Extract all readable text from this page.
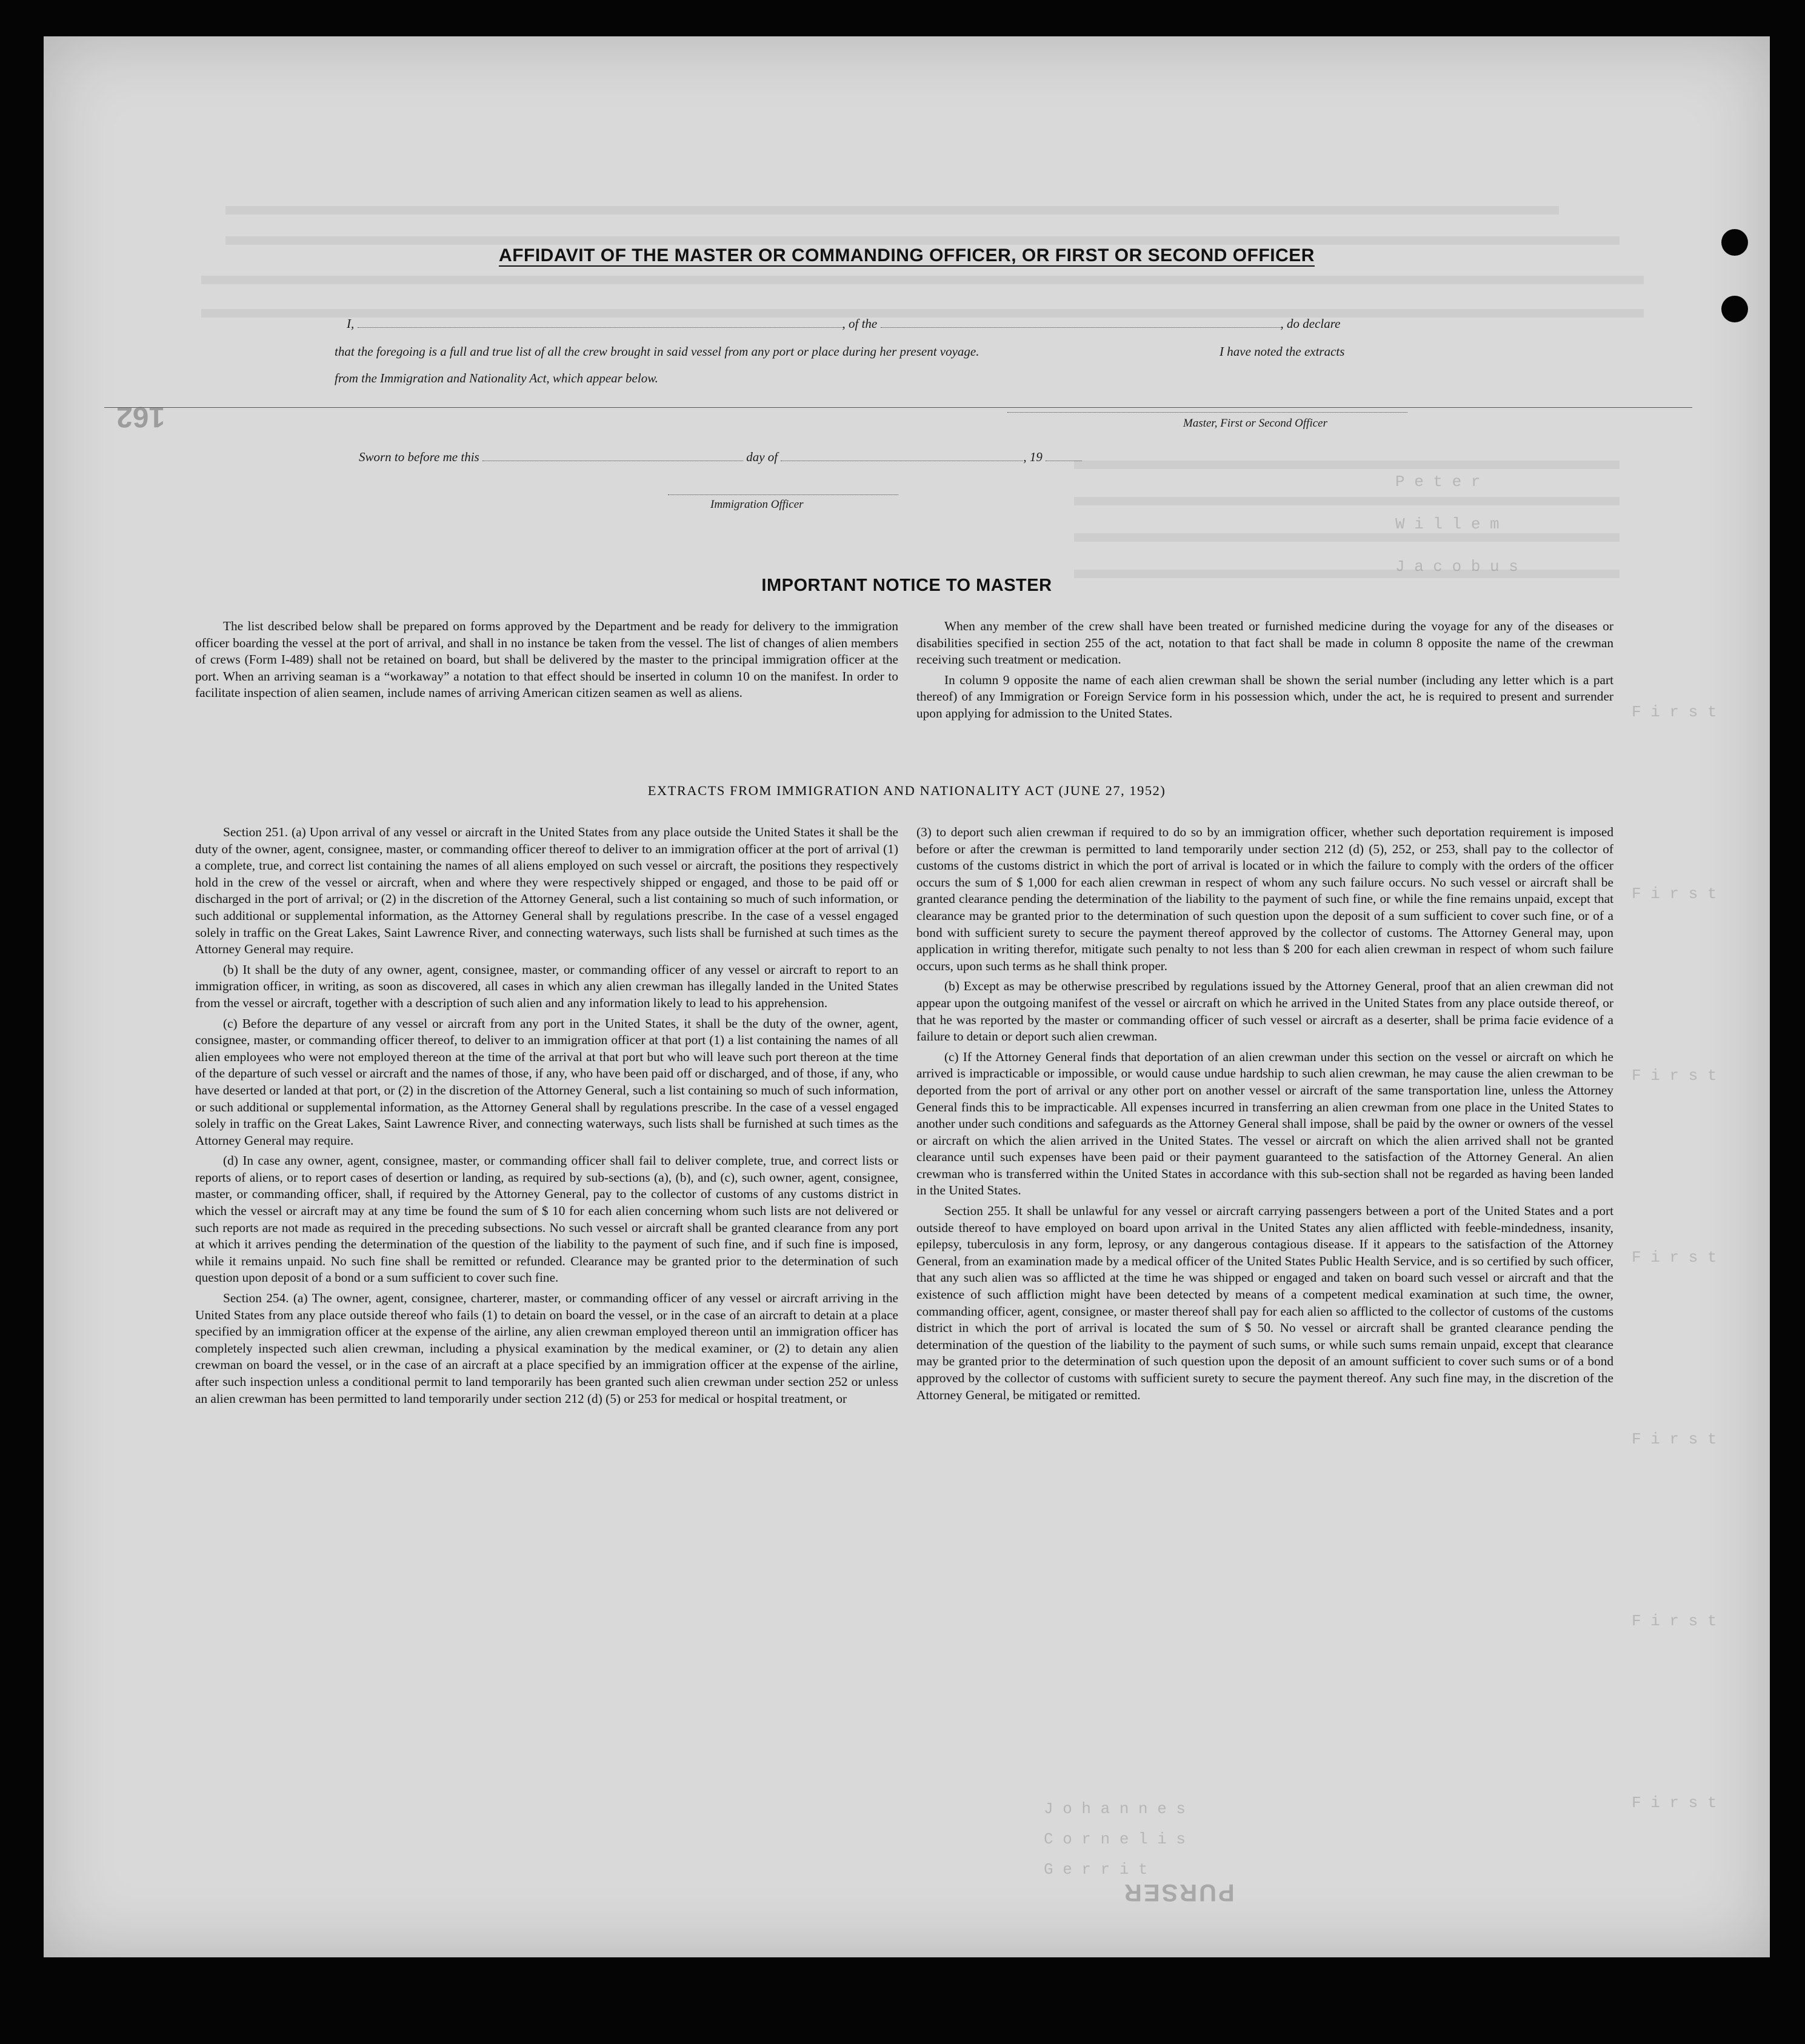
P e t e r
W i l l e m
J a c o b u s
F i r s t
F i r s t
F i r s t
F i r s t
F i r s t
F i r s t
F i r s t
J o h a n n e s
C o r n e l i s
G e r r i t
162
PURSER
AFFIDAVIT OF THE MASTER OR COMMANDING OFFICER, OR FIRST OR SECOND OFFICER
I,	, of the	, do declare
that the foregoing is a full and true list of all the crew brought in said vessel from any port or place during her present voyage.	I have noted the extracts
from the Immigration and Nationality Act, which appear below.
Master, First or Second Officer
Sworn to before me this	day of	, 19
Immigration Officer
IMPORTANT NOTICE TO MASTER

The list described below shall be prepared on forms approved by the Department and be ready for delivery to the immigration officer boarding the vessel at the port of arrival, and shall in no instance be taken from the vessel. The list of changes of alien members of crews (Form I-489) shall not be retained on board, but shall be delivered by the master to the principal immigration officer at the port. When an arriving seaman is a “workaway” a notation to that effect should be inserted in column 10 on the manifest. In order to facilitate inspection of alien seamen, include names of arriving American citizen seamen as well as aliens.

When any member of the crew shall have been treated or furnished medicine during the voyage for any of the diseases or disabilities specified in section 255 of the act, notation to that fact shall be made in column 8 opposite the name of the crewman receiving such treatment or medication.

In column 9 opposite the name of each alien crewman shall be shown the serial number (including any letter which is a part thereof) of any Immigration or Foreign Service form in his possession which, under the act, he is required to present and surrender upon applying for admission to the United States.

EXTRACTS FROM IMMIGRATION AND NATIONALITY ACT (JUNE 27, 1952)

Section 251. (a) Upon arrival of any vessel or aircraft in the United States from any place outside the United States it shall be the duty of the owner, agent, consignee, master, or commanding officer thereof to deliver to an immigration officer at the port of arrival (1) a complete, true, and correct list containing the names of all aliens employed on such vessel or aircraft, the positions they respectively hold in the crew of the vessel or aircraft, when and where they were respectively shipped or engaged, and those to be paid off or discharged in the port of arrival; or (2) in the discretion of the Attorney General, such a list containing so much of such information, or such additional or supplemental information, as the Attorney General shall by regulations prescribe. In the case of a vessel engaged solely in traffic on the Great Lakes, Saint Lawrence River, and connecting waterways, such lists shall be furnished at such times as the Attorney General may require.

(b) It shall be the duty of any owner, agent, consignee, master, or commanding officer of any vessel or aircraft to report to an immigration officer, in writing, as soon as discovered, all cases in which any alien crewman has illegally landed in the United States from the vessel or aircraft, together with a description of such alien and any information likely to lead to his apprehension.

(c) Before the departure of any vessel or aircraft from any port in the United States, it shall be the duty of the owner, agent, consignee, master, or commanding officer thereof, to deliver to an immigration officer at that port (1) a list containing the names of all alien employees who were not employed thereon at the time of the arrival at that port but who will leave such port thereon at the time of the departure of such vessel or aircraft and the names of those, if any, who have been paid off or discharged, and of those, if any, who have deserted or landed at that port, or (2) in the discretion of the Attorney General, such a list containing so much of such information, or such additional or supplemental information, as the Attorney General shall by regulations prescribe. In the case of a vessel engaged solely in traffic on the Great Lakes, Saint Lawrence River, and connecting waterways, such lists shall be furnished at such times as the Attorney General may require.

(d) In case any owner, agent, consignee, master, or commanding officer shall fail to deliver complete, true, and correct lists or reports of aliens, or to report cases of desertion or landing, as required by sub-sections (a), (b), and (c), such owner, agent, consignee, master, or commanding officer, shall, if required by the Attorney General, pay to the collector of customs of any customs district in which the vessel or aircraft may at any time be found the sum of $ 10 for each alien concerning whom such lists are not delivered or such reports are not made as required in the preceding subsections. No such vessel or aircraft shall be granted clearance from any port at which it arrives pending the determination of the question of the liability to the payment of such fine, and if such fine is imposed, while it remains unpaid. No such fine shall be remitted or refunded. Clearance may be granted prior to the determination of such question upon deposit of a bond or a sum sufficient to cover such fine.

Section 254. (a) The owner, agent, consignee, charterer, master, or commanding officer of any vessel or aircraft arriving in the United States from any place outside thereof who fails (1) to detain on board the vessel, or in the case of an aircraft to detain at a place specified by an immigration officer at the expense of the airline, any alien crewman employed thereon until an immigration officer has completely inspected such alien crewman, including a physical examination by the medical examiner, or (2) to detain any alien crewman on board the vessel, or in the case of an aircraft at a place specified by an immigration officer at the expense of the airline, after such inspection unless a conditional permit to land temporarily has been granted such alien crewman under section 252 or unless an alien crewman has been permitted to land temporarily under section 212 (d) (5) or 253 for medical or hospital treatment, or

(3) to deport such alien crewman if required to do so by an immigration officer, whether such deportation requirement is imposed before or after the crewman is permitted to land temporarily under section 212 (d) (5), 252, or 253, shall pay to the collector of customs of the customs district in which the port of arrival is located or in which the failure to comply with the orders of the officer occurs the sum of $ 1,000 for each alien crewman in respect of whom any such failure occurs. No such vessel or aircraft shall be granted clearance pending the determination of the liability to the payment of such fine, or while the fine remains unpaid, except that clearance may be granted prior to the determination of such question upon the deposit of a sum sufficient to cover such fine, or of a bond with sufficient surety to secure the payment thereof approved by the collector of customs. The Attorney General may, upon application in writing therefor, mitigate such penalty to not less than $ 200 for each alien crewman in respect of whom such failure occurs, upon such terms as he shall think proper.

(b) Except as may be otherwise prescribed by regulations issued by the Attorney General, proof that an alien crewman did not appear upon the outgoing manifest of the vessel or aircraft on which he arrived in the United States from any place outside thereof, or that he was reported by the master or commanding officer of such vessel or aircraft as a deserter, shall be prima facie evidence of a failure to detain or deport such alien crewman.

(c) If the Attorney General finds that deportation of an alien crewman under this section on the vessel or aircraft on which he arrived is impracticable or impossible, or would cause undue hardship to such alien crewman, he may cause the alien crewman to be deported from the port of arrival or any other port on another vessel or aircraft of the same transportation line, unless the Attorney General finds this to be impracticable. All expenses incurred in transferring an alien crewman from one place in the United States to another under such conditions and safeguards as the Attorney General shall impose, shall be paid by the owner or owners of the vessel or aircraft on which the alien arrived in the United States. The vessel or aircraft on which the alien arrived shall not be granted clearance until such expenses have been paid or their payment guaranteed to the satisfaction of the Attorney General. An alien crewman who is transferred within the United States in accordance with this sub-section shall not be regarded as having been landed in the United States.

Section 255. It shall be unlawful for any vessel or aircraft carrying passengers between a port of the United States and a port outside thereof to have employed on board upon arrival in the United States any alien afflicted with feeble-mindedness, insanity, epilepsy, tuberculosis in any form, leprosy, or any dangerous contagious disease. If it appears to the satisfaction of the Attorney General, from an examination made by a medical officer of the United States Public Health Service, and is so certified by such officer, that any such alien was so afflicted at the time he was shipped or engaged and taken on board such vessel or aircraft and that the existence of such affliction might have been detected by means of a competent medical examination at such time, the owner, commanding officer, agent, consignee, or master thereof shall pay for each alien so afflicted to the collector of customs of the customs district in which the port of arrival is located the sum of $ 50. No vessel or aircraft shall be granted clearance pending the determination of the question of the liability to the payment of such sums, or while such sums remain unpaid, except that clearance may be granted prior to the determination of such question upon the deposit of an amount sufficient to cover such sums or of a bond approved by the collector of customs with sufficient surety to secure the payment thereof. Any such fine may, in the discretion of the Attorney General, be mitigated or remitted.
